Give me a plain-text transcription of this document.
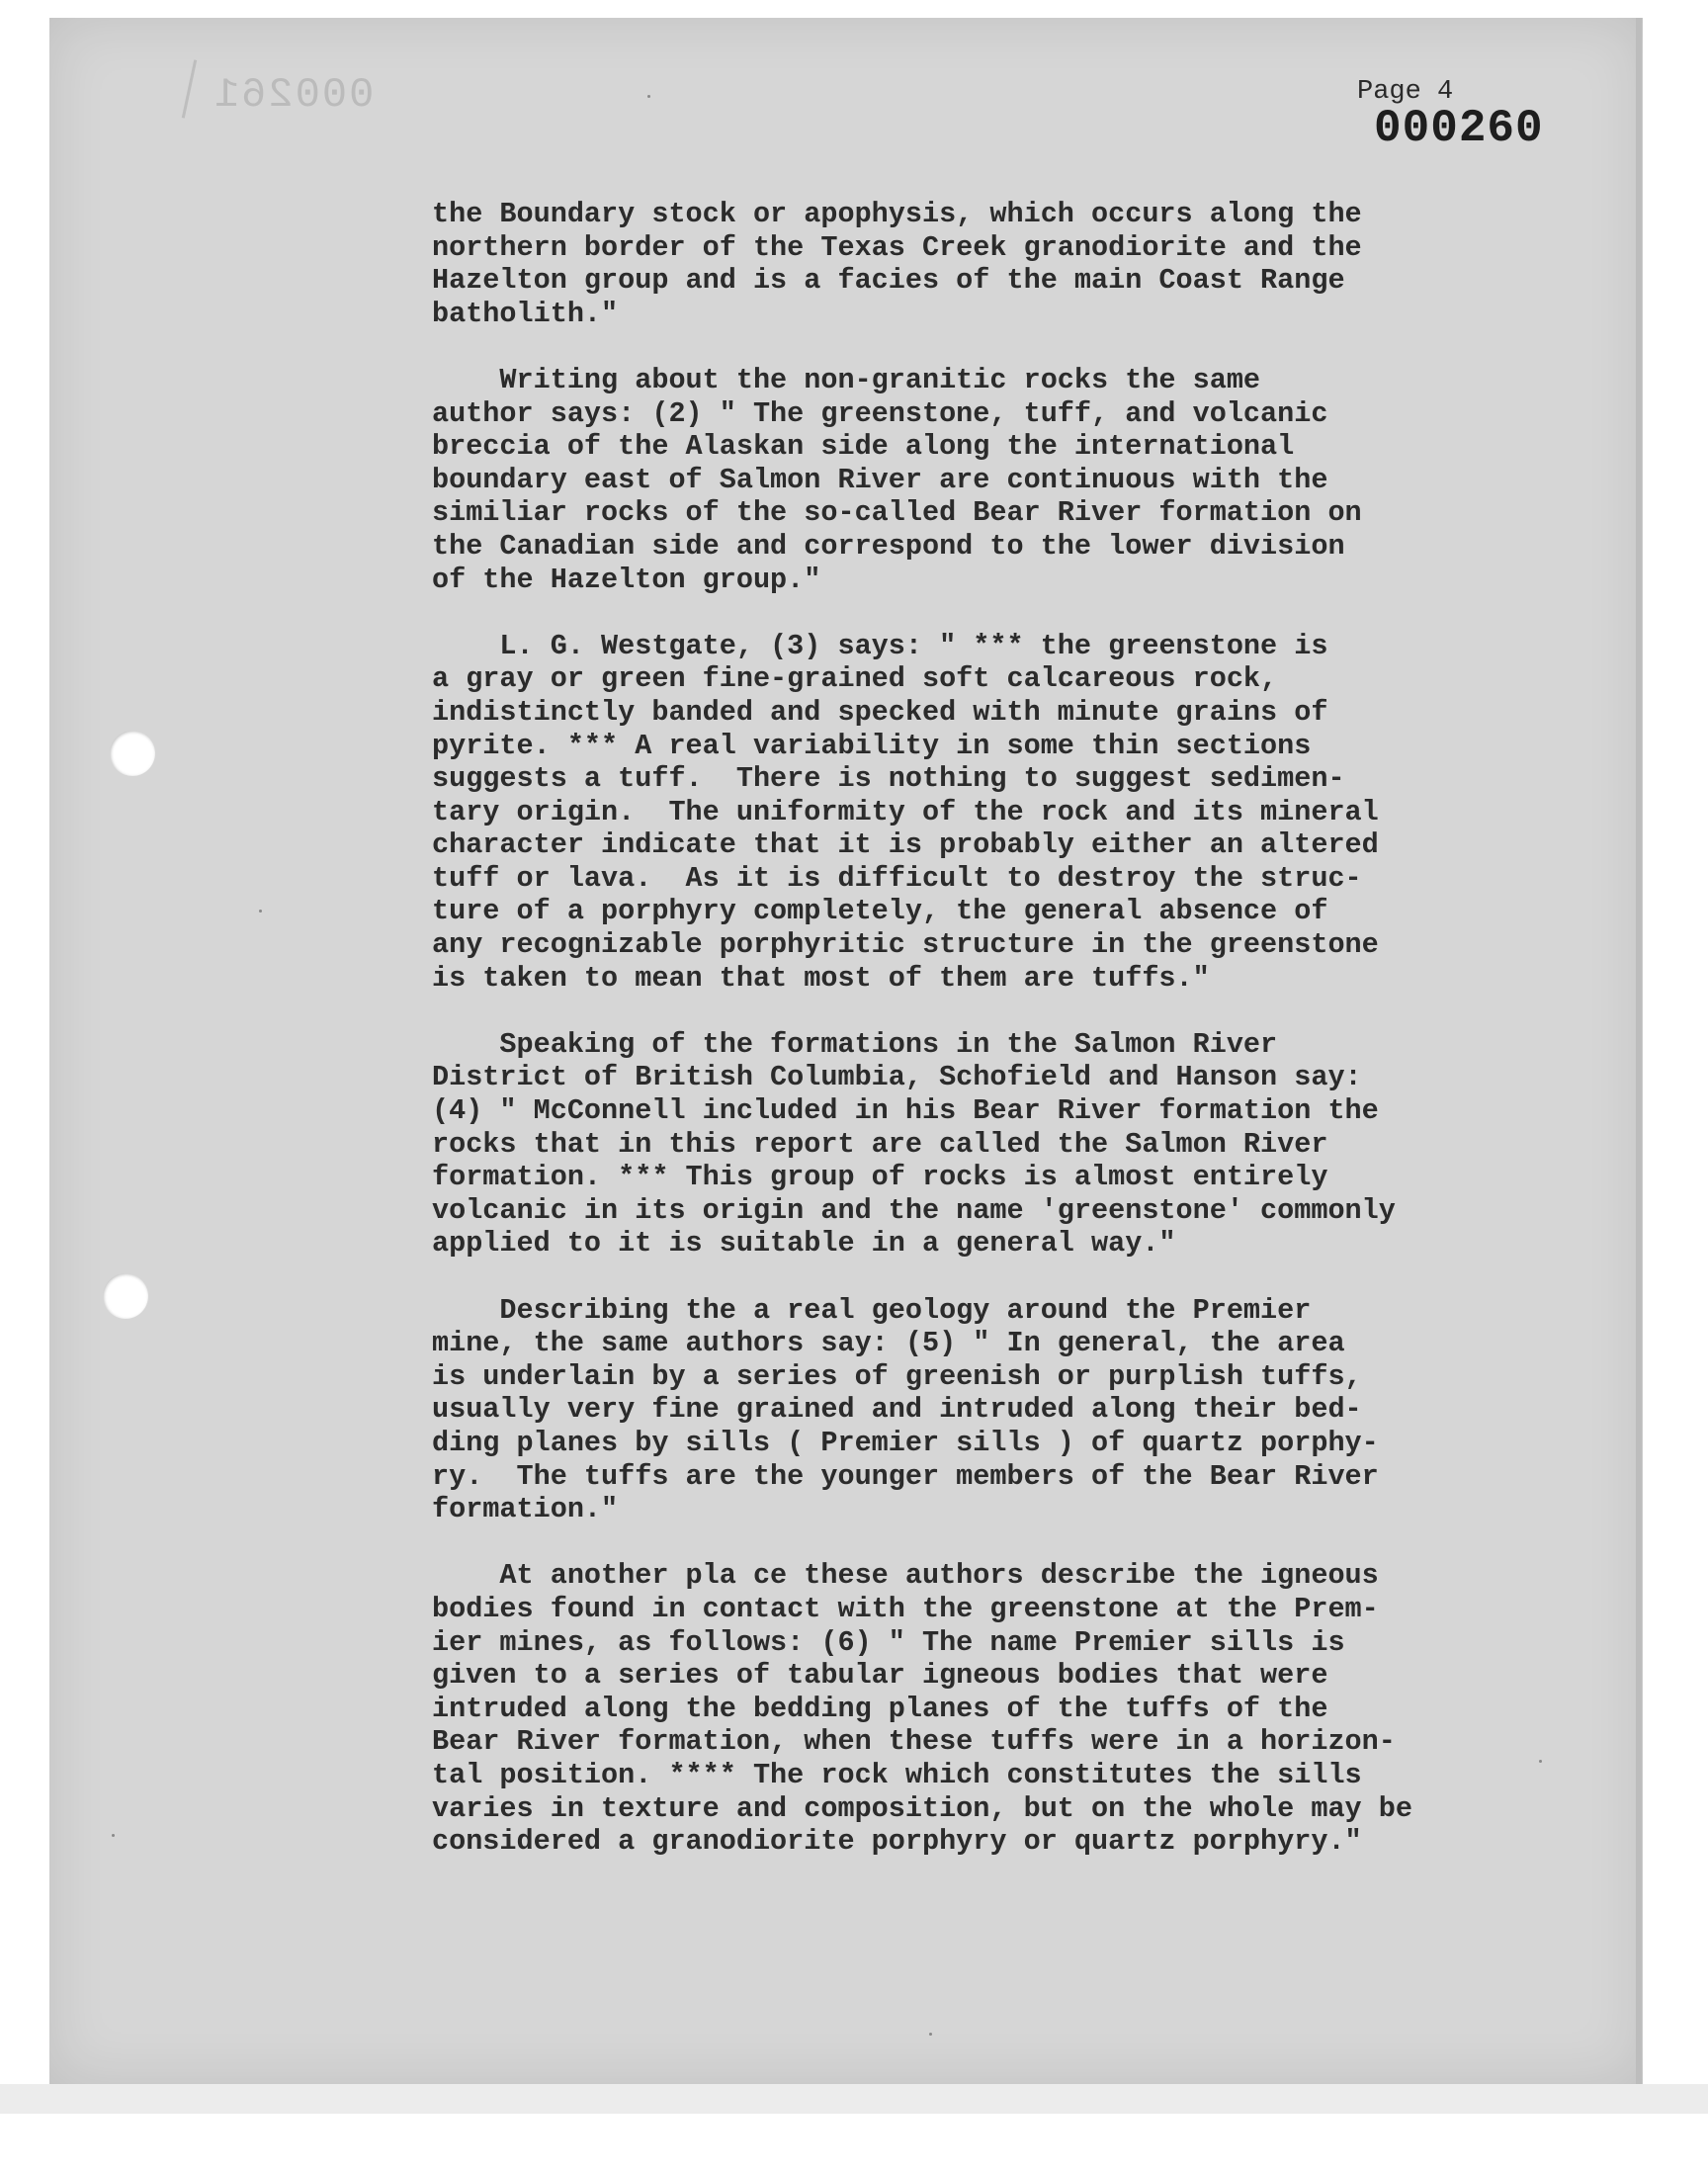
000261	Page 4
000260
the Boundary stock or apophysis, which occurs along the
northern border of the Texas Creek granodiorite and the
Hazelton group and is a facies of the main Coast Range
batholith."
Writing about the non-granitic rocks the same
author says: (2) " The greenstone, tuff, and volcanic
breccia of the Alaskan side along the international
boundary east of Salmon River are continuous with the
similiar rocks of the so-called Bear River formation on
the Canadian side and correspond to the lower division
of the Hazelton group."
L. G. Westgate, (3) says: " *** the greenstone is
a gray or green fine-grained soft calcareous rock,
indistinctly banded and specked with minute grains of
pyrite. *** A real variability in some thin sections
suggests a tuff.  There is nothing to suggest sedimen-
tary origin.  The uniformity of the rock and its mineral
character indicate that it is probably either an altered
tuff or lava.  As it is difficult to destroy the struc-
ture of a porphyry completely, the general absence of
any recognizable porphyritic structure in the greenstone
is taken to mean that most of them are tuffs."
Speaking of the formations in the Salmon River
District of British Columbia, Schofield and Hanson say:
(4) " McConnell included in his Bear River formation the
rocks that in this report are called the Salmon River
formation. *** This group of rocks is almost entirely
volcanic in its origin and the name 'greenstone' commonly
applied to it is suitable in a general way."
Describing the a real geology around the Premier
mine, the same authors say: (5) " In general, the area
is underlain by a series of greenish or purplish tuffs,
usually very fine grained and intruded along their bed-
ding planes by sills ( Premier sills ) of quartz porphy-
ry.  The tuffs are the younger members of the Bear River
formation."
At another pla ce these authors describe the igneous
bodies found in contact with the greenstone at the Prem-
ier mines, as follows: (6) " The name Premier sills is
given to a series of tabular igneous bodies that were
intruded along the bedding planes of the tuffs of the
Bear River formation, when these tuffs were in a horizon-
tal position. **** The rock which constitutes the sills
varies in texture and composition, but on the whole may be
considered a granodiorite porphyry or quartz porphyry."
